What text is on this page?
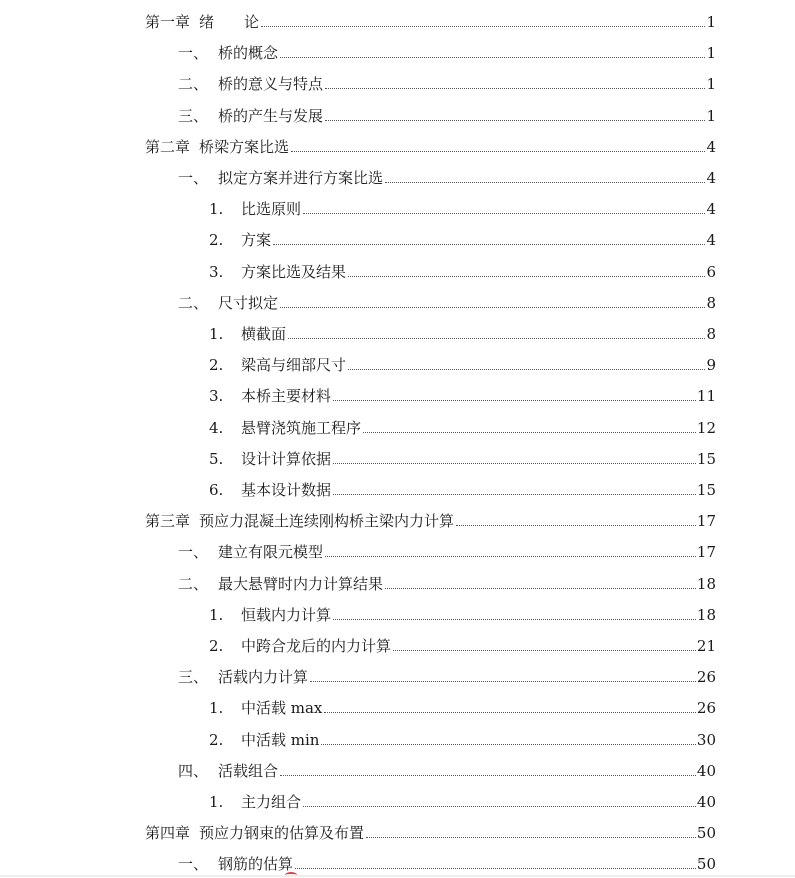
第一章 绪　　论	1
一、 桥的概念	1
二、 桥的意义与特点	1
三、 桥的产生与发展	1
第二章 桥梁方案比选	4
一、 拟定方案并进行方案比选	4
1.	比选原则	4
2.	方案	4
3.	方案比选及结果	6
二、 尺寸拟定	8
1.	横截面	8
2.	梁高与细部尺寸	9
3.	本桥主要材料	11
4.	悬臂浇筑施工程序	12
5.	设计计算依据	15
6.	基本设计数据	15
第三章 预应力混凝土连续刚构桥主梁内力计算	17
一、 建立有限元模型	17
二、 最大悬臂时内力计算结果	18
1.	恒载内力计算	18
2.	中跨合龙后的内力计算	21
三、 活载内力计算	26
1.	中活载 max	26
2.	中活载 min	30
四、 活载组合	40
1.	主力组合	40
第四章 预应力钢束的估算及布置	50
一、 钢筋的估算	50
